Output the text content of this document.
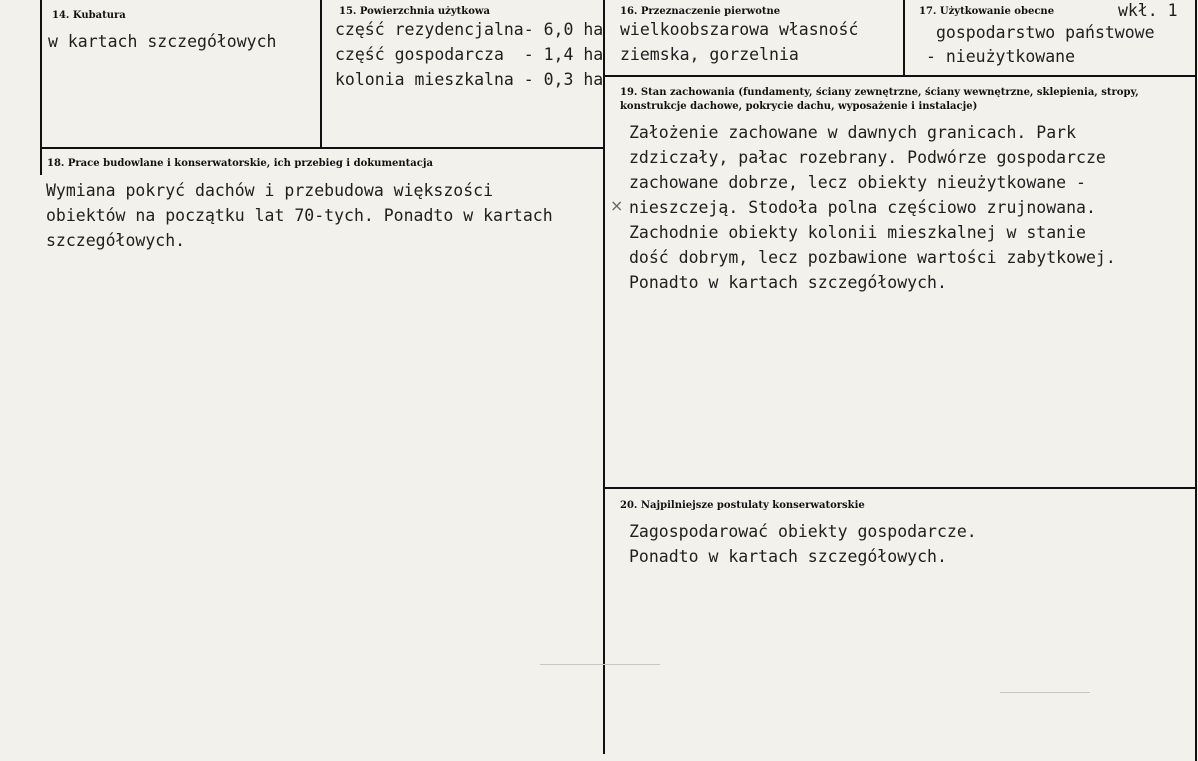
14. Kubatura
w kartach szczegółowych
15. Powierzchnia użytkowa
część rezydencjalna- 6,0 ha
część gospodarcza  - 1,4 ha
kolonia mieszkalna - 0,3 ha
16. Przeznaczenie pierwotne
wielkoobszarowa własność
ziemska, gorzelnia
17. Użytkowanie obecne	wkł. 1
gospodarstwo państwowe
- nieużytkowane
18. Prace budowlane i konserwatorskie, ich przebieg i dokumentacja
Wymiana pokryć dachów i przebudowa większości
obiektów na początku lat 70-tych. Ponadto w kartach
szczegółowych.
19. Stan zachowania (fundamenty, ściany zewnętrzne, ściany wewnętrzne, sklepienia, stropy, konstrukcje dachowe, pokrycie dachu, wyposażenie i instalacje)
×
Założenie zachowane w dawnych granicach. Park
zdziczały, pałac rozebrany. Podwórze gospodarcze
zachowane dobrze, lecz obiekty nieużytkowane -
nieszczeją. Stodoła polna częściowo zrujnowana.
Zachodnie obiekty kolonii mieszkalnej w stanie
dość dobrym, lecz pozbawione wartości zabytkowej.
Ponadto w kartach szczegółowych.
20. Najpilniejsze postulaty konserwatorskie
Zagospodarować obiekty gospodarcze.
Ponadto w kartach szczegółowych.
